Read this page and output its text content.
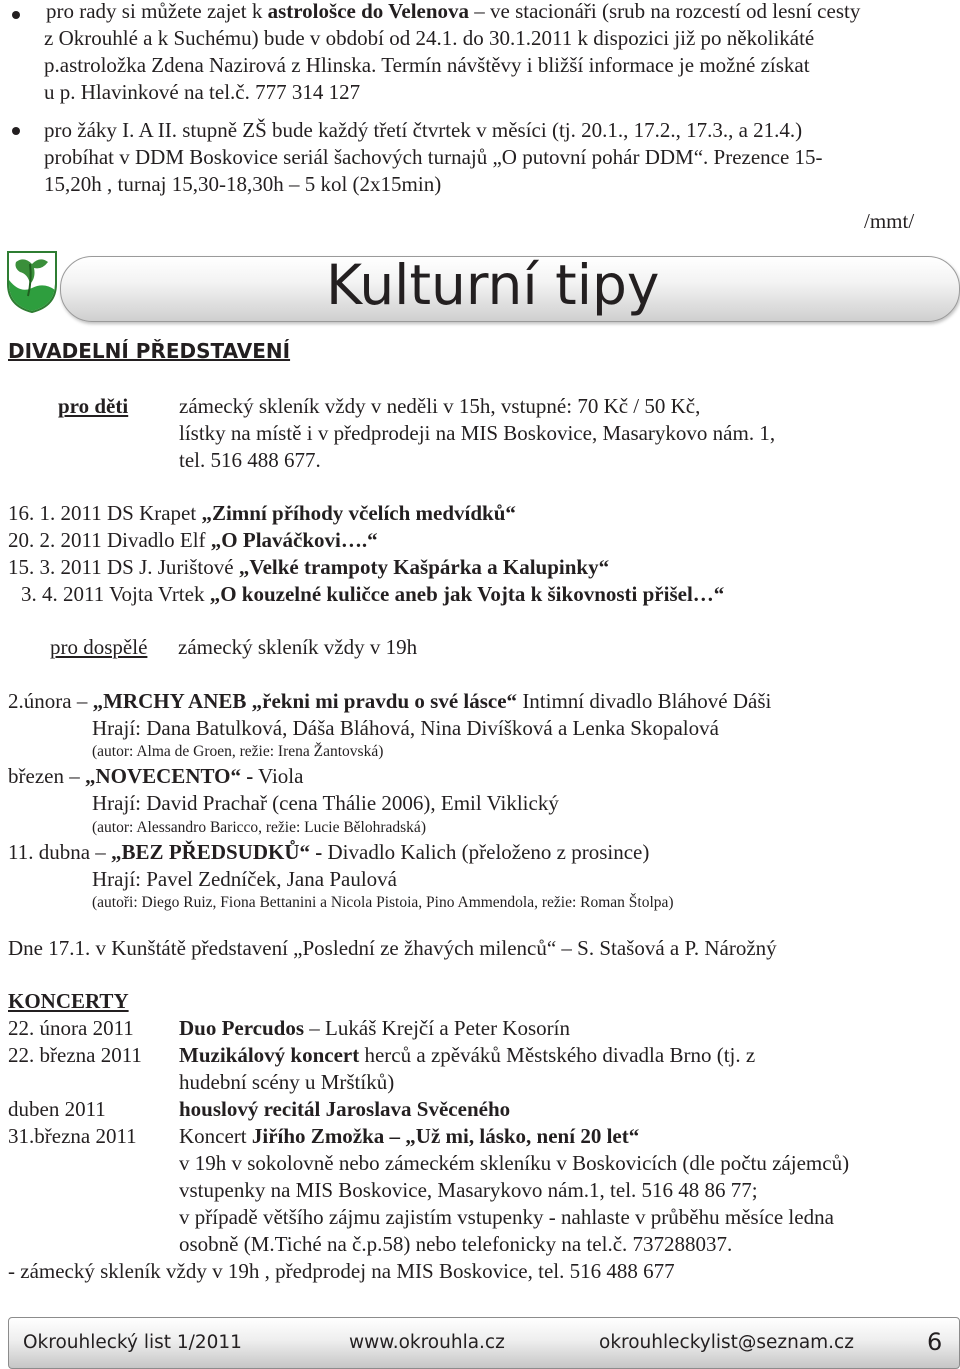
pro rady si můžete zajet k astrološce do Velenova – ve stacionáři (srub na rozcestí od lesní cesty
z Okrouhlé a k Suchému) bude v období od 24.1. do 30.1.2011 k dispozici již po několikáté
p.astroložka Zdena Nazirová z Hlinska. Termín návštěvy i bližší informace je možné získat
u p. Hlavinkové na tel.č. 777 314 127
pro žáky I. A II. stupně ZŠ bude každý třetí čtvrtek v měsíci (tj. 20.1., 17.2., 17.3., a 21.4.)
probíhat v DDM Boskovice seriál šachových turnajů „O putovní pohár DDM“. Prezence 15-
15,20h , turnaj 15,30-18,30h – 5 kol (2x15min)
/mmt/
Kulturní tipy
DIVADELNÍ PŘEDSTAVENÍ
pro děti zámecký skleník vždy v neděli v 15h, vstupné: 70 Kč / 50 Kč,
lístky na místě i v předprodeji na MIS Boskovice, Masarykovo nám. 1,
tel. 516 488 677.
16. 1. 2011 DS Krapet „Zimní příhody včelích medvídků“
20. 2. 2011 Divadlo Elf „O Plaváčkovi….“
15. 3. 2011 DS J. Jurištové „Velké trampoty Kašpárka a Kalupinky“
3. 4. 2011 Vojta Vrtek „O kouzelné kuličce aneb jak Vojta k šikovnosti přišel…“
pro dospělé zámecký skleník vždy v 19h
2.února – „MRCHY ANEB „řekni mi pravdu o své lásce“ Intimní divadlo Bláhové Dáši
Hrají: Dana Batulková, Dáša Bláhová, Nina Divíšková a Lenka Skopalová
(autor: Alma de Groen, režie: Irena Žantovská)
březen – „NOVECENTO“ - Viola
Hrají: David Prachař (cena Thálie 2006), Emil Viklický
(autor: Alessandro Baricco, režie: Lucie Bělohradská)
11. dubna – „BEZ PŘEDSUDKŮ“ - Divadlo Kalich (přeloženo z prosince)
Hrají: Pavel Zedníček, Jana Paulová
(autoři: Diego Ruiz, Fiona Bettanini a Nicola Pistoia, Pino Ammendola, režie: Roman Štolpa)
Dne 17.1. v Kunštátě představení „Poslední ze žhavých milenců“ – S. Stašová a P. Nárožný
KONCERTY
22. února 2011 Duo Percudos – Lukáš Krejčí a Peter Kosorín
22. března 2011 Muzikálový koncert herců a zpěváků Městského divadla Brno (tj. z
hudební scény u Mrštíků)
duben 2011	houslový recitál Jaroslava Svěceného
31.března 2011 Koncert Jiřího Zmožka – „Už mi, lásko, není 20 let“
v 19h v sokolovně nebo zámeckém skleníku v Boskovicích (dle počtu zájemců)
vstupenky na MIS Boskovice, Masarykovo nám.1, tel. 516 48 86 77;
v případě většího zájmu zajistím vstupenky - nahlaste v průběhu měsíce ledna
osobně (M.Tiché na č.p.58) nebo telefonicky na tel.č. 737288037.
- zámecký skleník vždy v 19h , předprodej na MIS Boskovice, tel. 516 488 677
Okrouhlecký list 1/2011	www.okrouhla.cz	okrouhleckylist@seznam.cz	6
